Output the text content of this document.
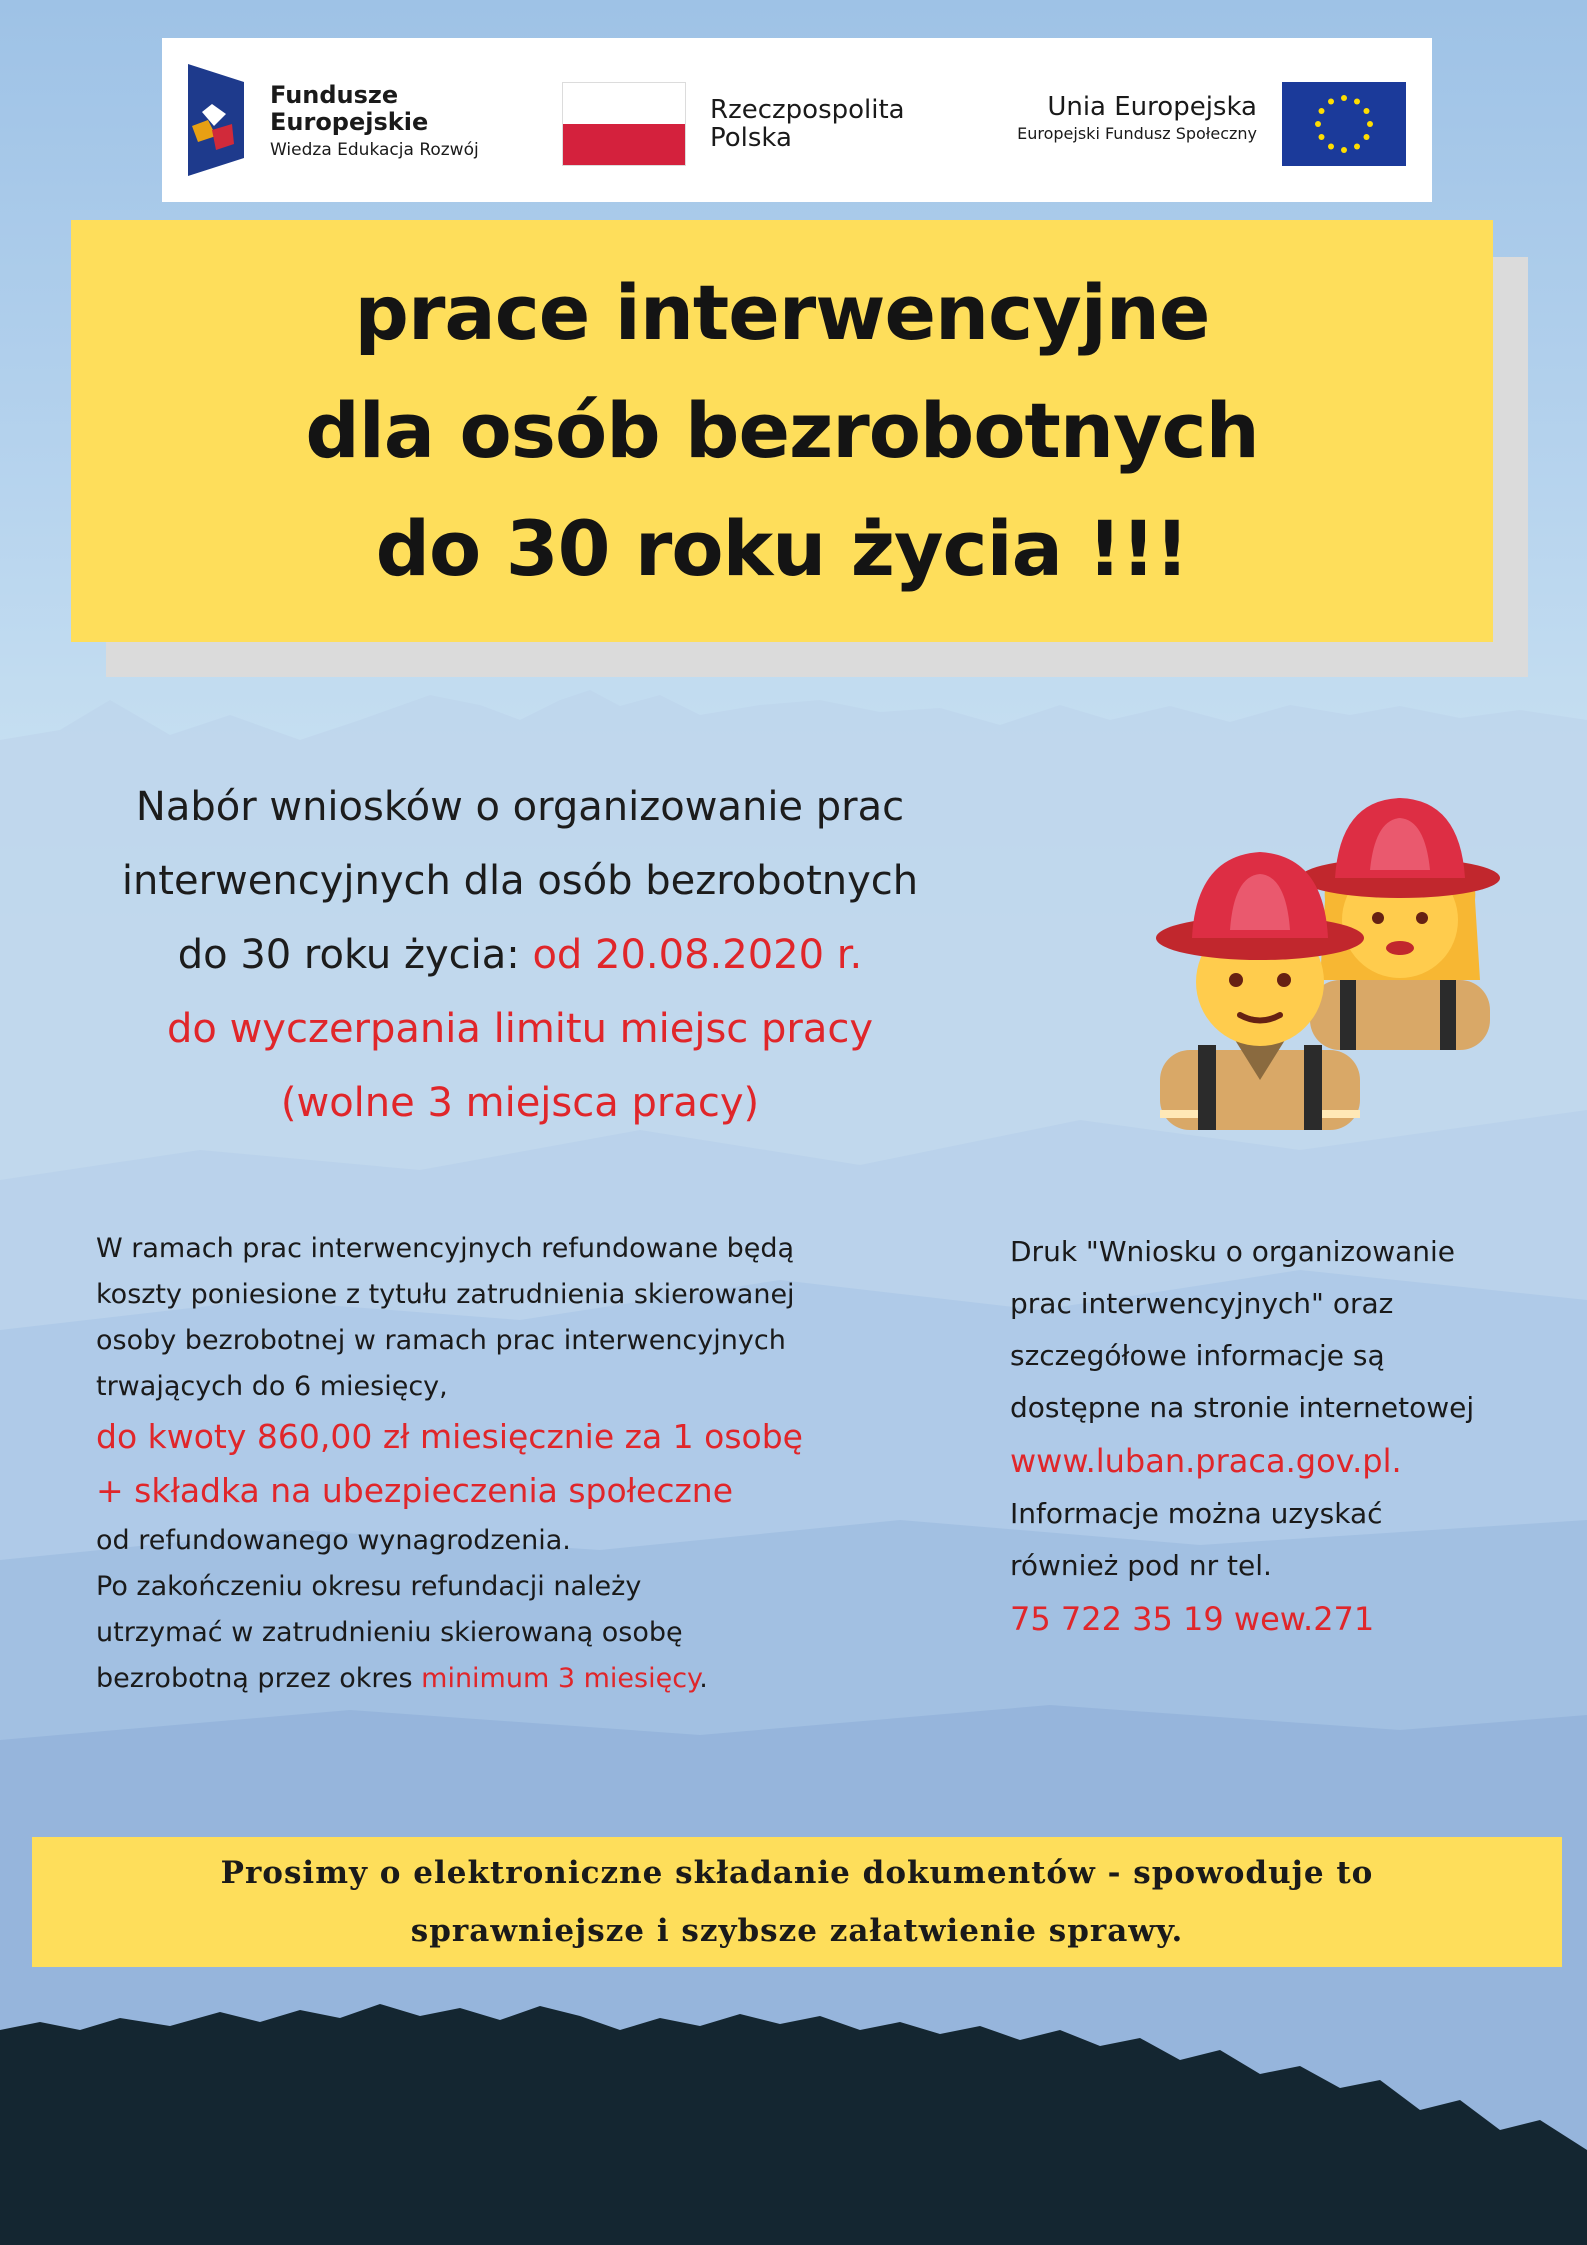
Fundusze
Europejskie
Wiedza Edukacja Rozwój
Rzeczpospolita
Polska
Unia Europejska
Europejski Fundusz Społeczny
prace interwencyjne
dla osób bezrobotnych
do 30 roku życia !!!
Nabór wniosków o organizowanie prac
interwencyjnych dla osób bezrobotnych
do 30 roku życia: od 20.08.2020 r.
do wyczerpania limitu miejsc pracy
(wolne 3 miejsca pracy)

W ramach prac interwencyjnych refundowane będą

koszty poniesione z tytułu zatrudnienia skierowanej

osoby bezrobotnej w ramach prac interwencyjnych

trwających do 6 miesięcy,

do kwoty 860,00 zł miesięcznie za 1 osobę

+ składka na ubezpieczenia społeczne

od refundowanego wynagrodzenia.

Po zakończeniu okresu refundacji należy

utrzymać w zatrudnieniu skierowaną osobę

bezrobotną przez okres minimum 3 miesięcy.

Druk "Wniosku o organizowanie

prac interwencyjnych" oraz

szczegółowe informacje są

dostępne na stronie internetowej

www.luban.praca.gov.pl.

Informacje można uzyskać

również pod nr tel.

75 722 35 19 wew.271

Prosimy o elektroniczne składanie dokumentów - spowoduje to
sprawniejsze i szybsze załatwienie sprawy.
